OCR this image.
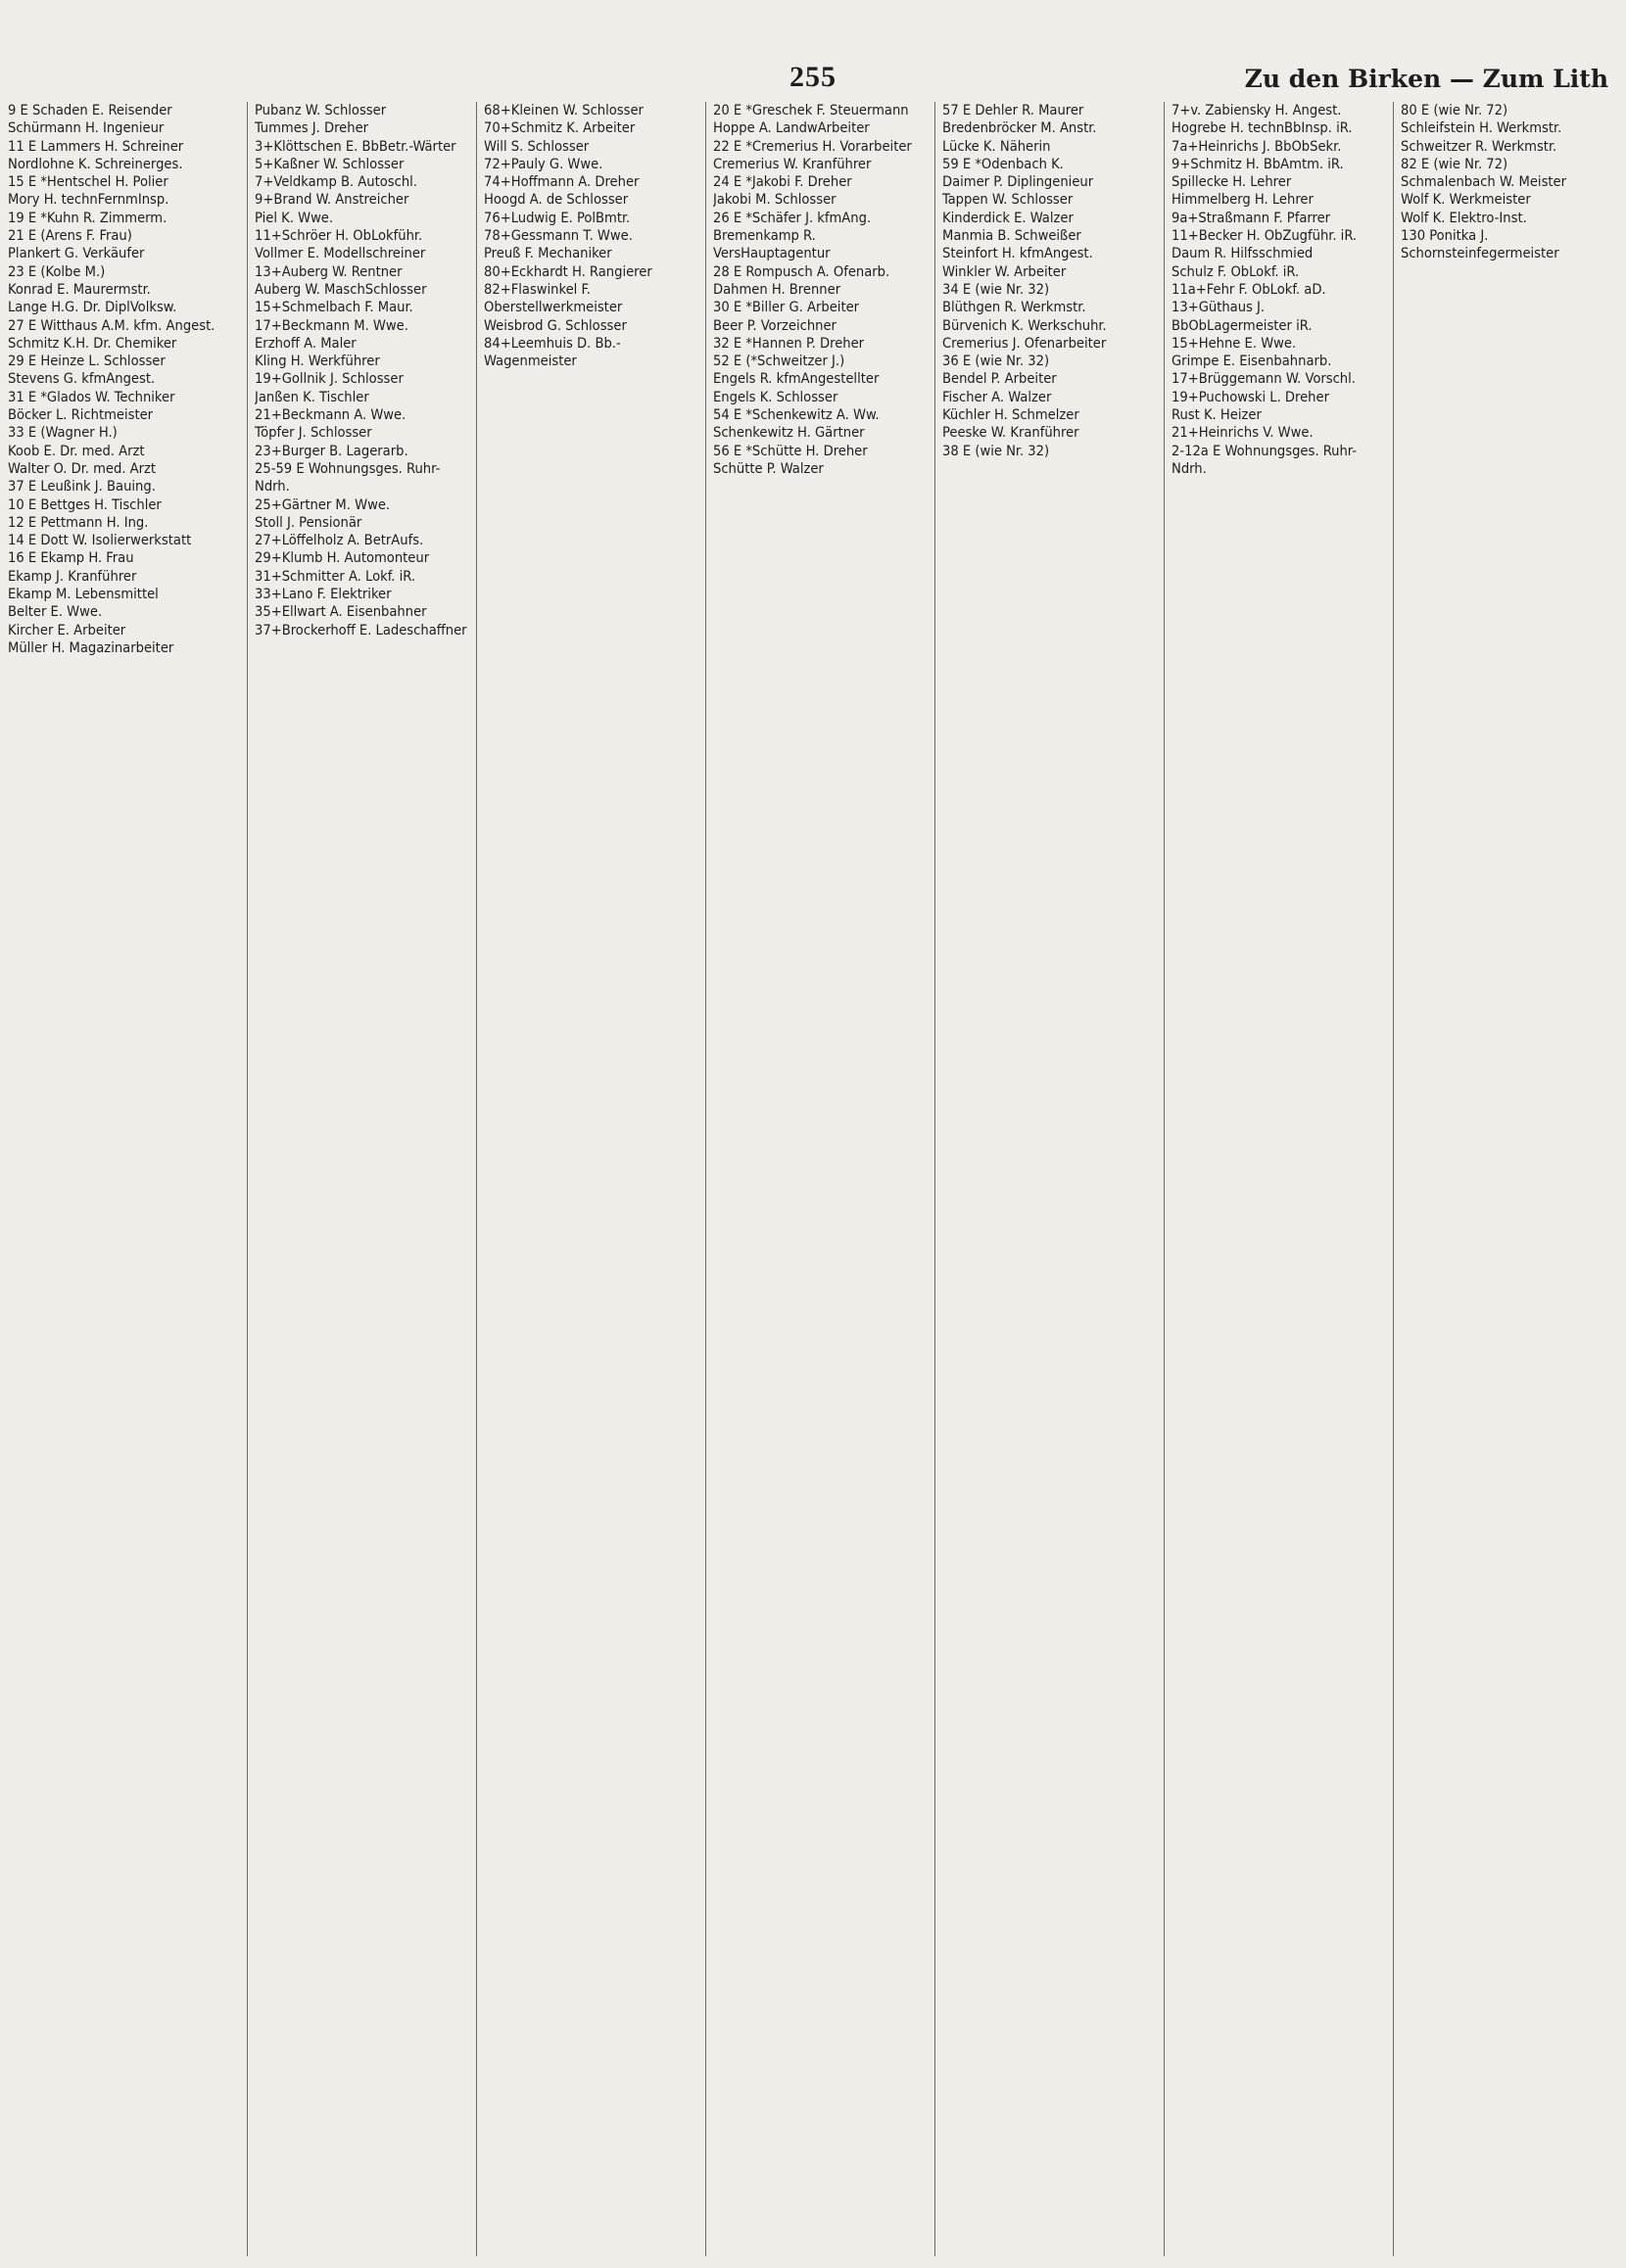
255	Zu den Birken — Zum Lith
9 E Schaden E. Reisender
Schürmann H. Ingenieur
11 E Lammers H. Schreiner
Nordlohne K. Schreinerges.
15 E *Hentschel H. Polier
Mory H. technFernmInsp.
19 E *Kuhn R. Zimmerm.
21 E (Arens F. Frau)
Plankert G. Verkäufer
23 E (Kolbe M.)
Konrad E. Maurermstr.
Lange H.G. Dr. DiplVolksw.
27 E Witthaus A.M. kfm. Angest.
Schmitz K.H. Dr. Chemiker
29 E Heinze L. Schlosser
Stevens G. kfmAngest.
31 E *Glados W. Techniker
Böcker L. Richtmeister
33 E (Wagner H.)
Koob E. Dr. med. Arzt
Walter O. Dr. med. Arzt
37 E Leußink J. Bauing.
10 E Bettges H. Tischler
12 E Pettmann H. Ing.
14 E Dott W. Isolierwerkstatt
16 E Ekamp H. Frau
Ekamp J. Kranführer
Ekamp M. Lebensmittel
Belter E. Wwe.
Kircher E. Arbeiter
Müller H. Magazinarbeiter

Pubanz W. Schlosser
Tummes J. Dreher
3+Klöttschen E. BbBetr.-Wärter
5+Kaßner W. Schlosser
7+Veldkamp B. Autoschl.
9+Brand W. Anstreicher
Piel K. Wwe.
11+Schröer H. ObLokführ.
Vollmer E. Modellschreiner
13+Auberg W. Rentner
Auberg W. MaschSchlosser
15+Schmelbach F. Maur.
17+Beckmann M. Wwe.
Erzhoff A. Maler
Kling H. Werkführer
19+Gollnik J. Schlosser
Janßen K. Tischler
21+Beckmann A. Wwe.
Töpfer J. Schlosser
23+Burger B. Lagerarb.
25-59 E Wohnungsges. Ruhr-Ndrh.
25+Gärtner M. Wwe.
Stoll J. Pensionär
27+Löffelholz A. BetrAufs.
29+Klumb H. Automonteur
31+Schmitter A. Lokf. iR.
33+Lano F. Elektriker
35+Ellwart A. Eisenbahner
37+Brockerhoff E. Ladeschaffner

68+Kleinen W. Schlosser
70+Schmitz K. Arbeiter
Will S. Schlosser
72+Pauly G. Wwe.
74+Hoffmann A. Dreher
Hoogd A. de Schlosser
76+Ludwig E. PolBmtr.
78+Gessmann T. Wwe.
Preuß F. Mechaniker
80+Eckhardt H. Rangierer
82+Flaswinkel F. Oberstellwerkmeister
Weisbrod G. Schlosser
84+Leemhuis D. Bb.-Wagenmeister

20 E *Greschek F. Steuermann
Hoppe A. LandwArbeiter
22 E *Cremerius H. Vorarbeiter
Cremerius W. Kranführer
24 E *Jakobi F. Dreher
Jakobi M. Schlosser
26 E *Schäfer J. kfmAng.
Bremenkamp R. VersHauptagentur
28 E Rompusch A. Ofenarb.
Dahmen H. Brenner
30 E *Biller G. Arbeiter
Beer P. Vorzeichner
32 E *Hannen P. Dreher
52 E (*Schweitzer J.)
Engels R. kfmAngestellter
Engels K. Schlosser
54 E *Schenkewitz A. Ww.
Schenkewitz H. Gärtner
56 E *Schütte H. Dreher
Schütte P. Walzer

57 E Dehler R. Maurer
Bredenbröcker M. Anstr.
Lücke K. Näherin
59 E *Odenbach K.
Daimer P. Diplingenieur
Tappen W. Schlosser
Kinderdick E. Walzer
Manmia B. Schweißer
Steinfort H. kfmAngest.
Winkler W. Arbeiter
34 E (wie Nr. 32)
Blüthgen R. Werkmstr.
Bürvenich K. Werkschuhr.
Cremerius J. Ofenarbeiter
36 E (wie Nr. 32)
Bendel P. Arbeiter
Fischer A. Walzer
Küchler H. Schmelzer
Peeske W. Kranführer
38 E (wie Nr. 32)

7+v. Zabiensky H. Angest.
Hogrebe H. technBbInsp. iR.
7a+Heinrichs J. BbObSekr.
9+Schmitz H. BbAmtm. iR.
Spillecke H. Lehrer
Himmelberg H. Lehrer
9a+Straßmann F. Pfarrer
11+Becker H. ObZugführ. iR.
Daum R. Hilfsschmied
Schulz F. ObLokf. iR.
11a+Fehr F. ObLokf. aD.
13+Güthaus J. BbObLagermeister iR.
15+Hehne E. Wwe.
Grimpe E. Eisenbahnarb.
17+Brüggemann W. Vorschl.
19+Puchowski L. Dreher
Rust K. Heizer
21+Heinrichs V. Wwe.
2-12a E Wohnungsges. Ruhr-Ndrh.

80 E (wie Nr. 72)
Schleifstein H. Werkmstr.
Schweitzer R. Werkmstr.
82 E (wie Nr. 72)
Schmalenbach W. Meister
Wolf K. Werkmeister
Wolf K. Elektro-Inst.
130 Ponitka J. Schornsteinfegermeister
